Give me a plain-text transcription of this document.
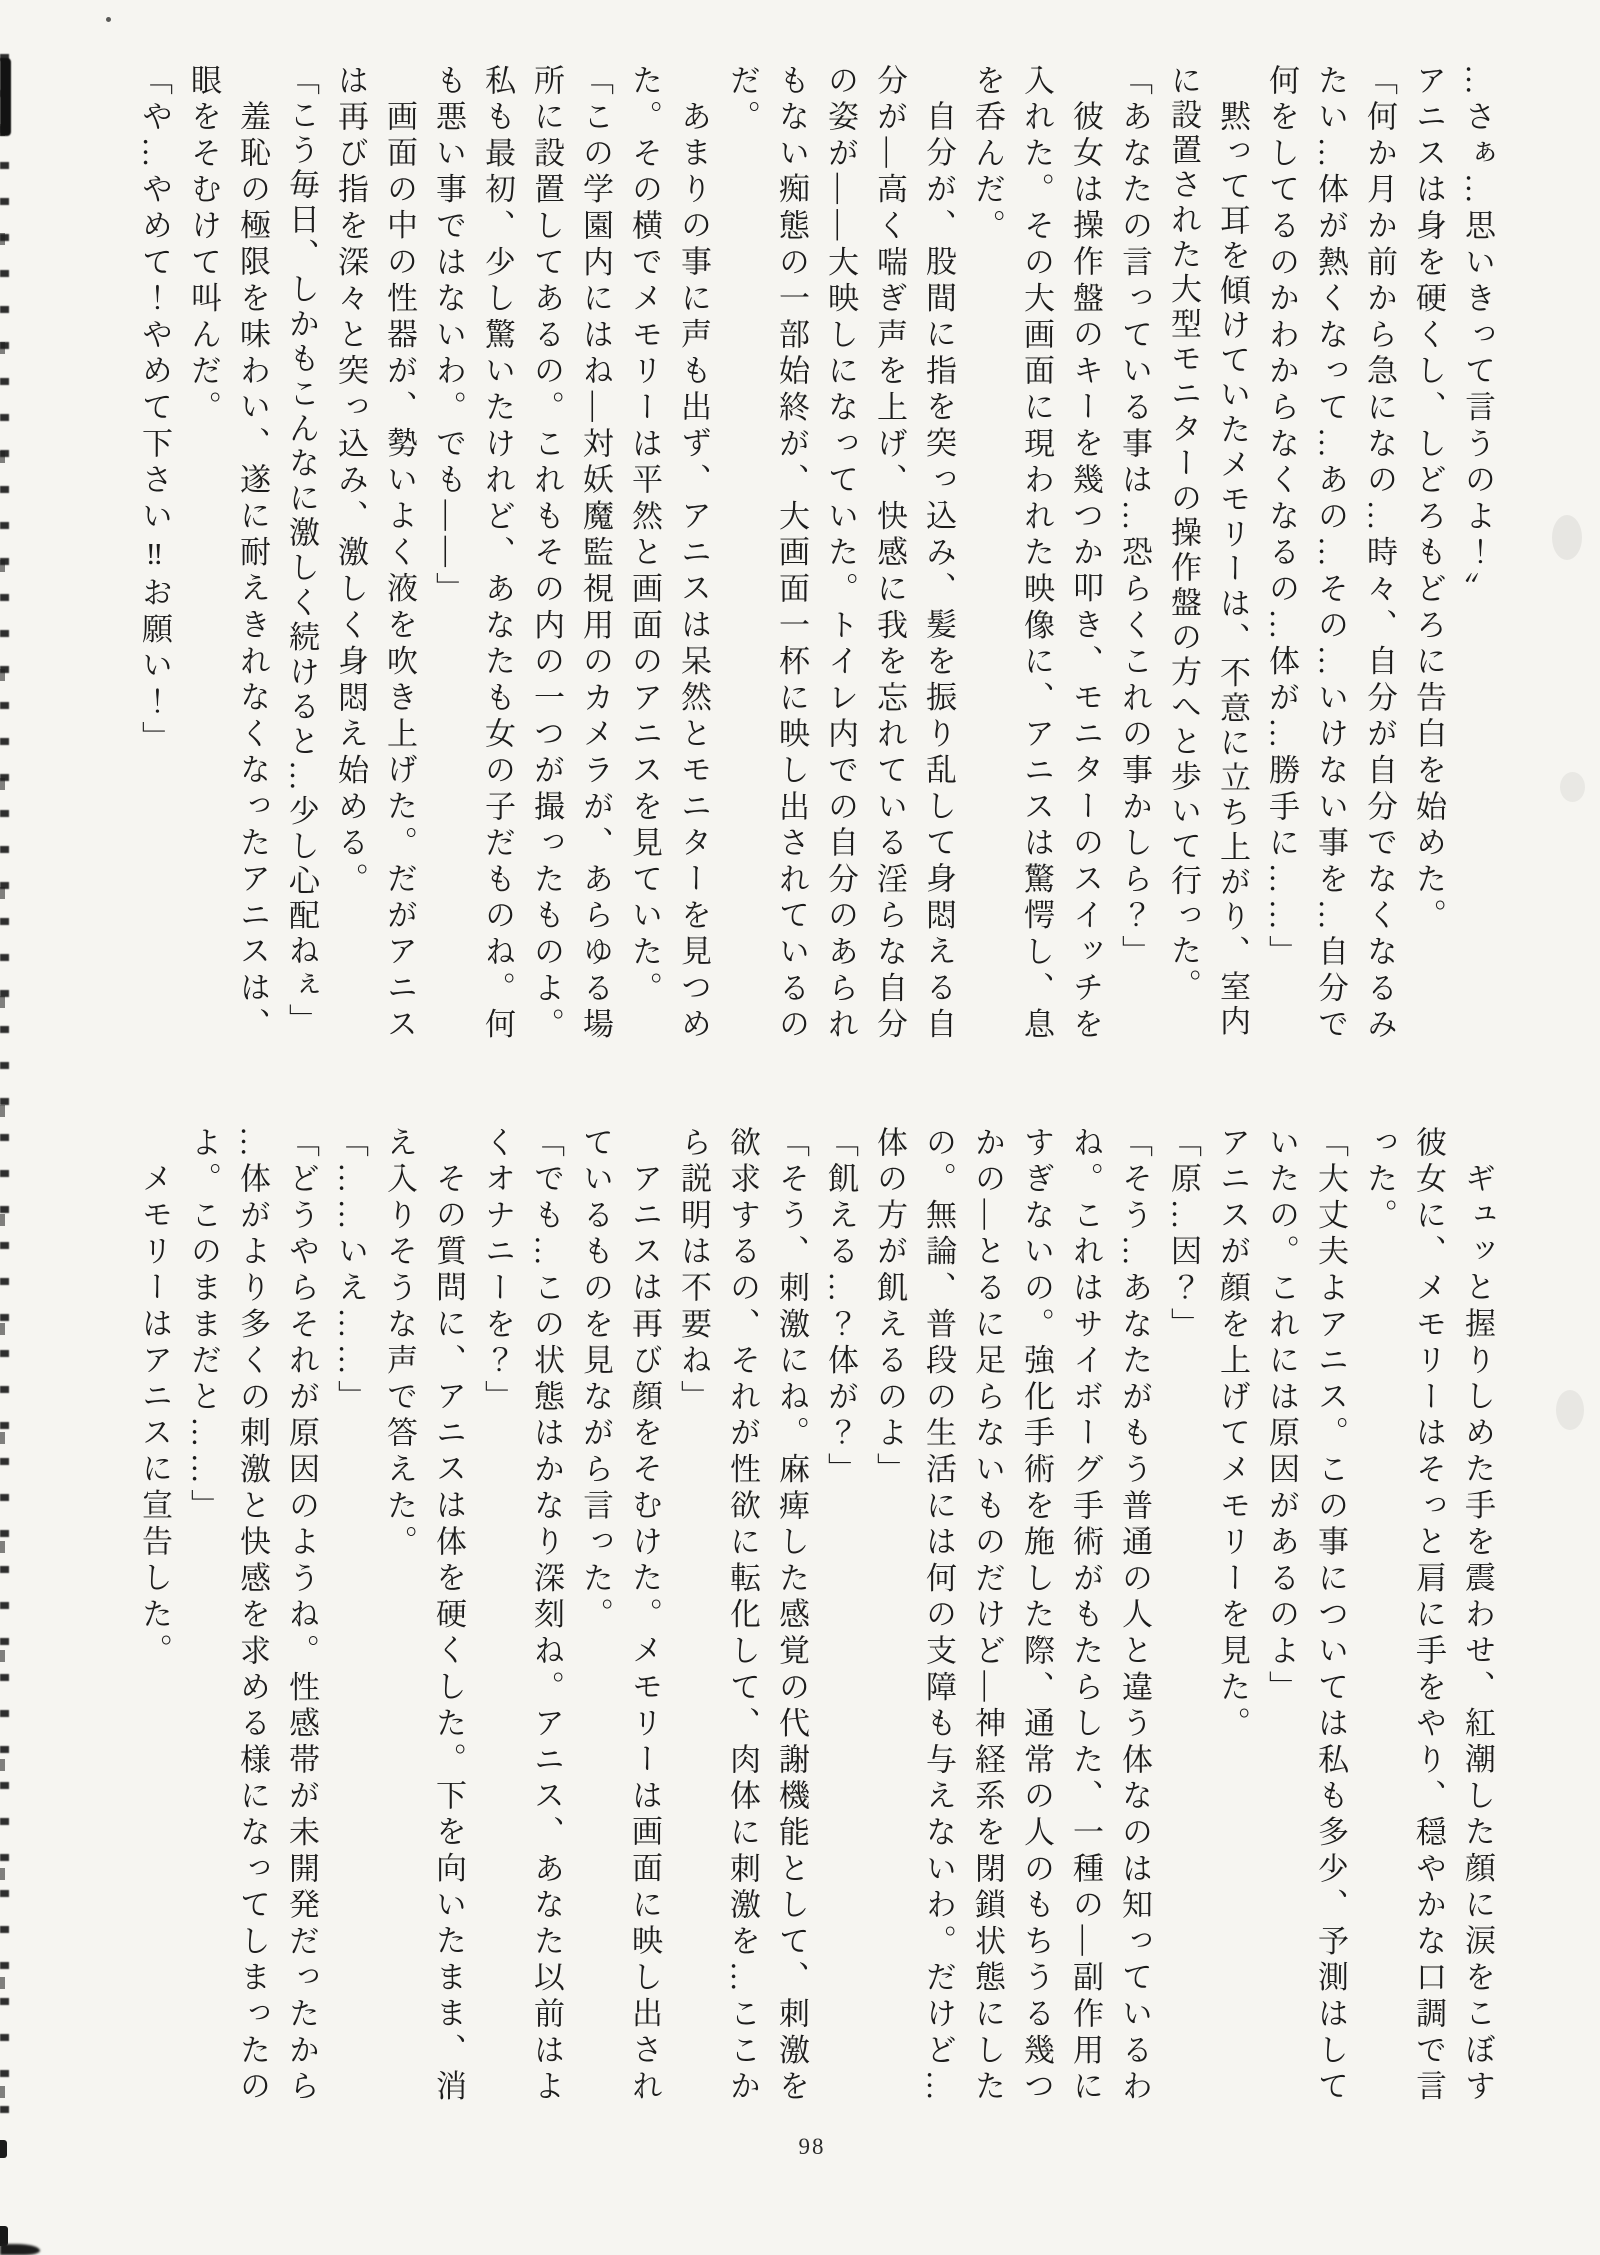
…さぁ…思いきって言うのよ！〞

アニスは身を硬くし、しどろもどろに告白を始めた。

「何か月か前から急になの…時々、自分が自分でなくなるみたい…体が熱くなって…あの…その…いけない事を…自分で何をしてるのかわからなくなるの…体が…勝手に……」

黙って耳を傾けていたメモリーは、不意に立ち上がり、室内に設置された大型モニターの操作盤の方へと歩いて行った。

「あなたの言っている事は…恐らくこれの事かしら？」

彼女は操作盤のキーを幾つか叩き、モニターのスイッチを入れた。その大画面に現われた映像に、アニスは驚愕し、息を呑んだ。

自分が、股間に指を突っ込み、髪を振り乱して身悶える自分が―高く喘ぎ声を上げ、快感に我を忘れている淫らな自分の姿が――大映しになっていた。トイレ内での自分のあられもない痴態の一部始終が、大画面一杯に映し出されているのだ。

あまりの事に声も出ず、アニスは呆然とモニターを見つめた。その横でメモリーは平然と画面のアニスを見ていた。

「この学園内にはね―対妖魔監視用のカメラが、あらゆる場所に設置してあるの。これもその内の一つが撮ったものよ。私も最初、少し驚いたけれど、あなたも女の子だものね。何も悪い事ではないわ。でも――」

画面の中の性器が、勢いよく液を吹き上げた。だがアニスは再び指を深々と突っ込み、激しく身悶え始める。

「こう毎日、しかもこんなに激しく続けると…少し心配ねぇ」

羞恥の極限を味わい、遂に耐えきれなくなったアニスは、眼をそむけて叫んだ。

「や…やめて！やめて下さい‼お願い！」

ギュッと握りしめた手を震わせ、紅潮した顔に涙をこぼす彼女に、メモリーはそっと肩に手をやり、穏やかな口調で言った。

「大丈夫よアニス。この事については私も多少、予測はしていたの。これには原因があるのよ」

アニスが顔を上げてメモリーを見た。

「原…因？」

「そう…あなたがもう普通の人と違う体なのは知っているわね。これはサイボーグ手術がもたらした、一種の―副作用にすぎないの。強化手術を施した際、通常の人のもちうる幾つかの―とるに足らないものだけど―神経系を閉鎖状態にしたの。無論、普段の生活には何の支障も与えないわ。だけど…体の方が飢えるのよ」

「飢える…？体が？」

「そう、刺激にね。麻痺した感覚の代謝機能として、刺激を欲求するの、それが性欲に転化して、肉体に刺激を…ここから説明は不要ね」

アニスは再び顔をそむけた。メモリーは画面に映し出されているものを見ながら言った。

「でも…この状態はかなり深刻ね。アニス、あなた以前はよくオナニーを？」

その質問に、アニスは体を硬くした。下を向いたまま、消え入りそうな声で答えた。

「……いえ……」

「どうやらそれが原因のようね。性感帯が未開発だったから…体がより多くの刺激と快感を求める様になってしまったのよ。このままだと……」

メモリーはアニスに宣告した。

98
